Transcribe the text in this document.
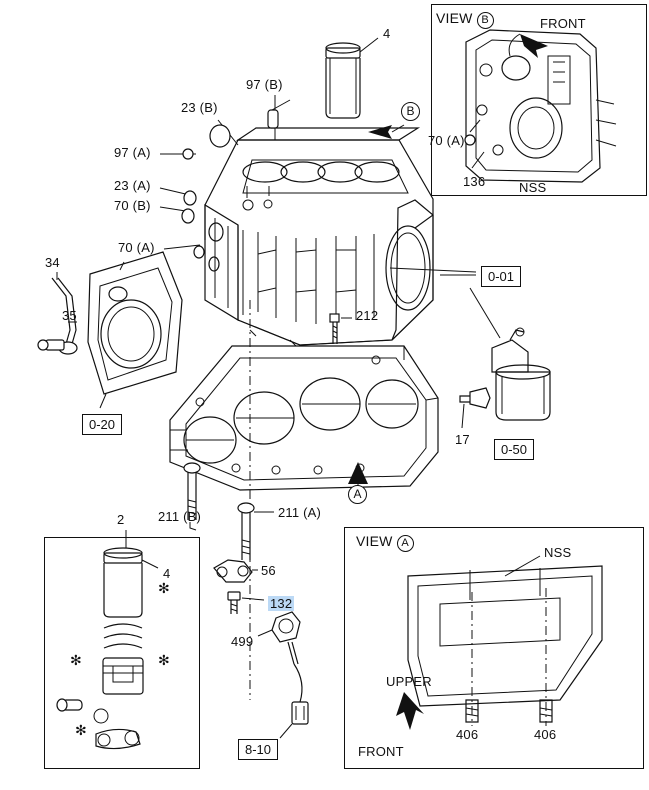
VIEW B
VIEW A
B
A
4
97 (B)
23 (B)
97 (A)
23 (A)
70 (B)
70 (A)
34
35	212
17
211 (B)	211 (A)
2
4	56
132
499
136	NSS
70 (A)
NSS
UPPER
FRONT
406	406
FRONT
0-01
0-20
0-50
8-10
✻
✻	✻
✻
